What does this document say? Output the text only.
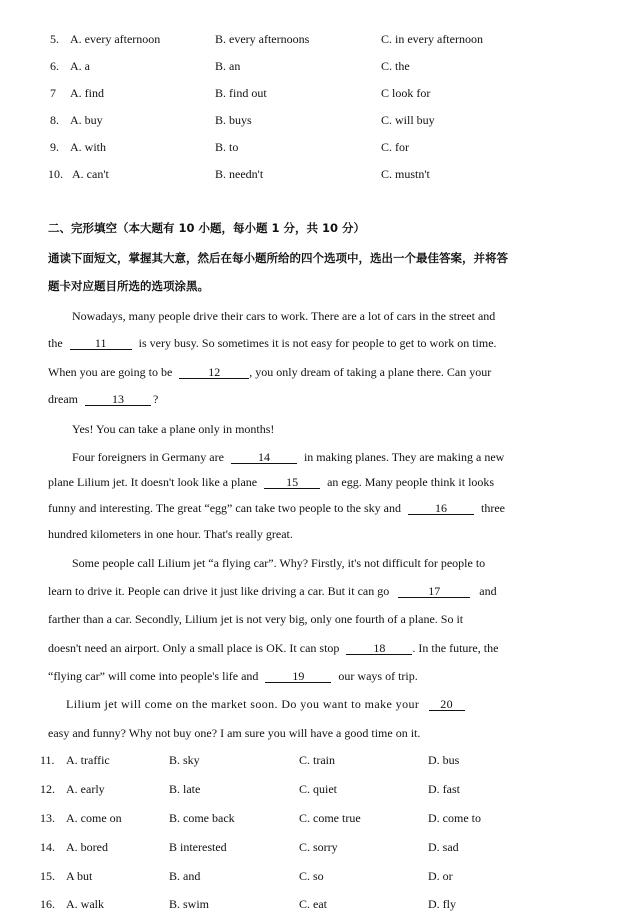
5. A. every afternoon	B. every afternoons	C. in every afternoon
6. A. a	B. an	C. the
7 A. find	B. find out	C look for
8. A. buy	B. buys	C. will buy
9. A. with	B. to	C. for
10. A. can't	B. needn't	C. mustn't
二、完形填空（本大题有 10 小题，每小题 1 分，共 10 分）
通读下面短文，掌握其大意，然后在每小题所给的四个选项中，选出一个最佳答案，并将答
题卡对应题目所选的选项涂黑。
Nowadays, many people drive their cars to work. There are a lot of cars in the street and
the	11	is very busy. So sometimes it is not easy for people to get to work on time.
When you are going to be	12 , you only dream of taking a plane there. Can your
dream	13 ?
Yes! You can take a plane only in months!
Four foreigners in Germany are	14	in making planes. They are making a new
plane Lilium jet. It doesn't look like a plane 15 an egg. Many people think it looks
funny and interesting. The great “egg” can take two people to the sky and	16	three
hundred kilometers in one hour. That's really great.
Some people call Lilium jet “a flying car”. Why? Firstly, it's not difficult for people to
learn to drive it. People can drive it just like driving a car. But it can go	17	and
farther than a car. Secondly, Lilium jet is not very big, only one fourth of a plane. So it
doesn't need an airport. Only a small place is OK. It can stop	18 . In the future, the
“flying car” will come into people's life and	19	our ways of trip.
Lilium jet will come on the market soon. Do you want to make your 20
easy and funny? Why not buy one? I am sure you will have a good time on it.
11. A. traffic	B. sky	C. train	D. bus
12. A. early	B. late	C. quiet	D. fast
13. A. come on	B. come back	C. come true	D. come to
14. A. bored	B interested	C. sorry	D. sad
15. A but	B. and	C. so	D. or
16. A. walk	B. swim	C. eat	D. fly
